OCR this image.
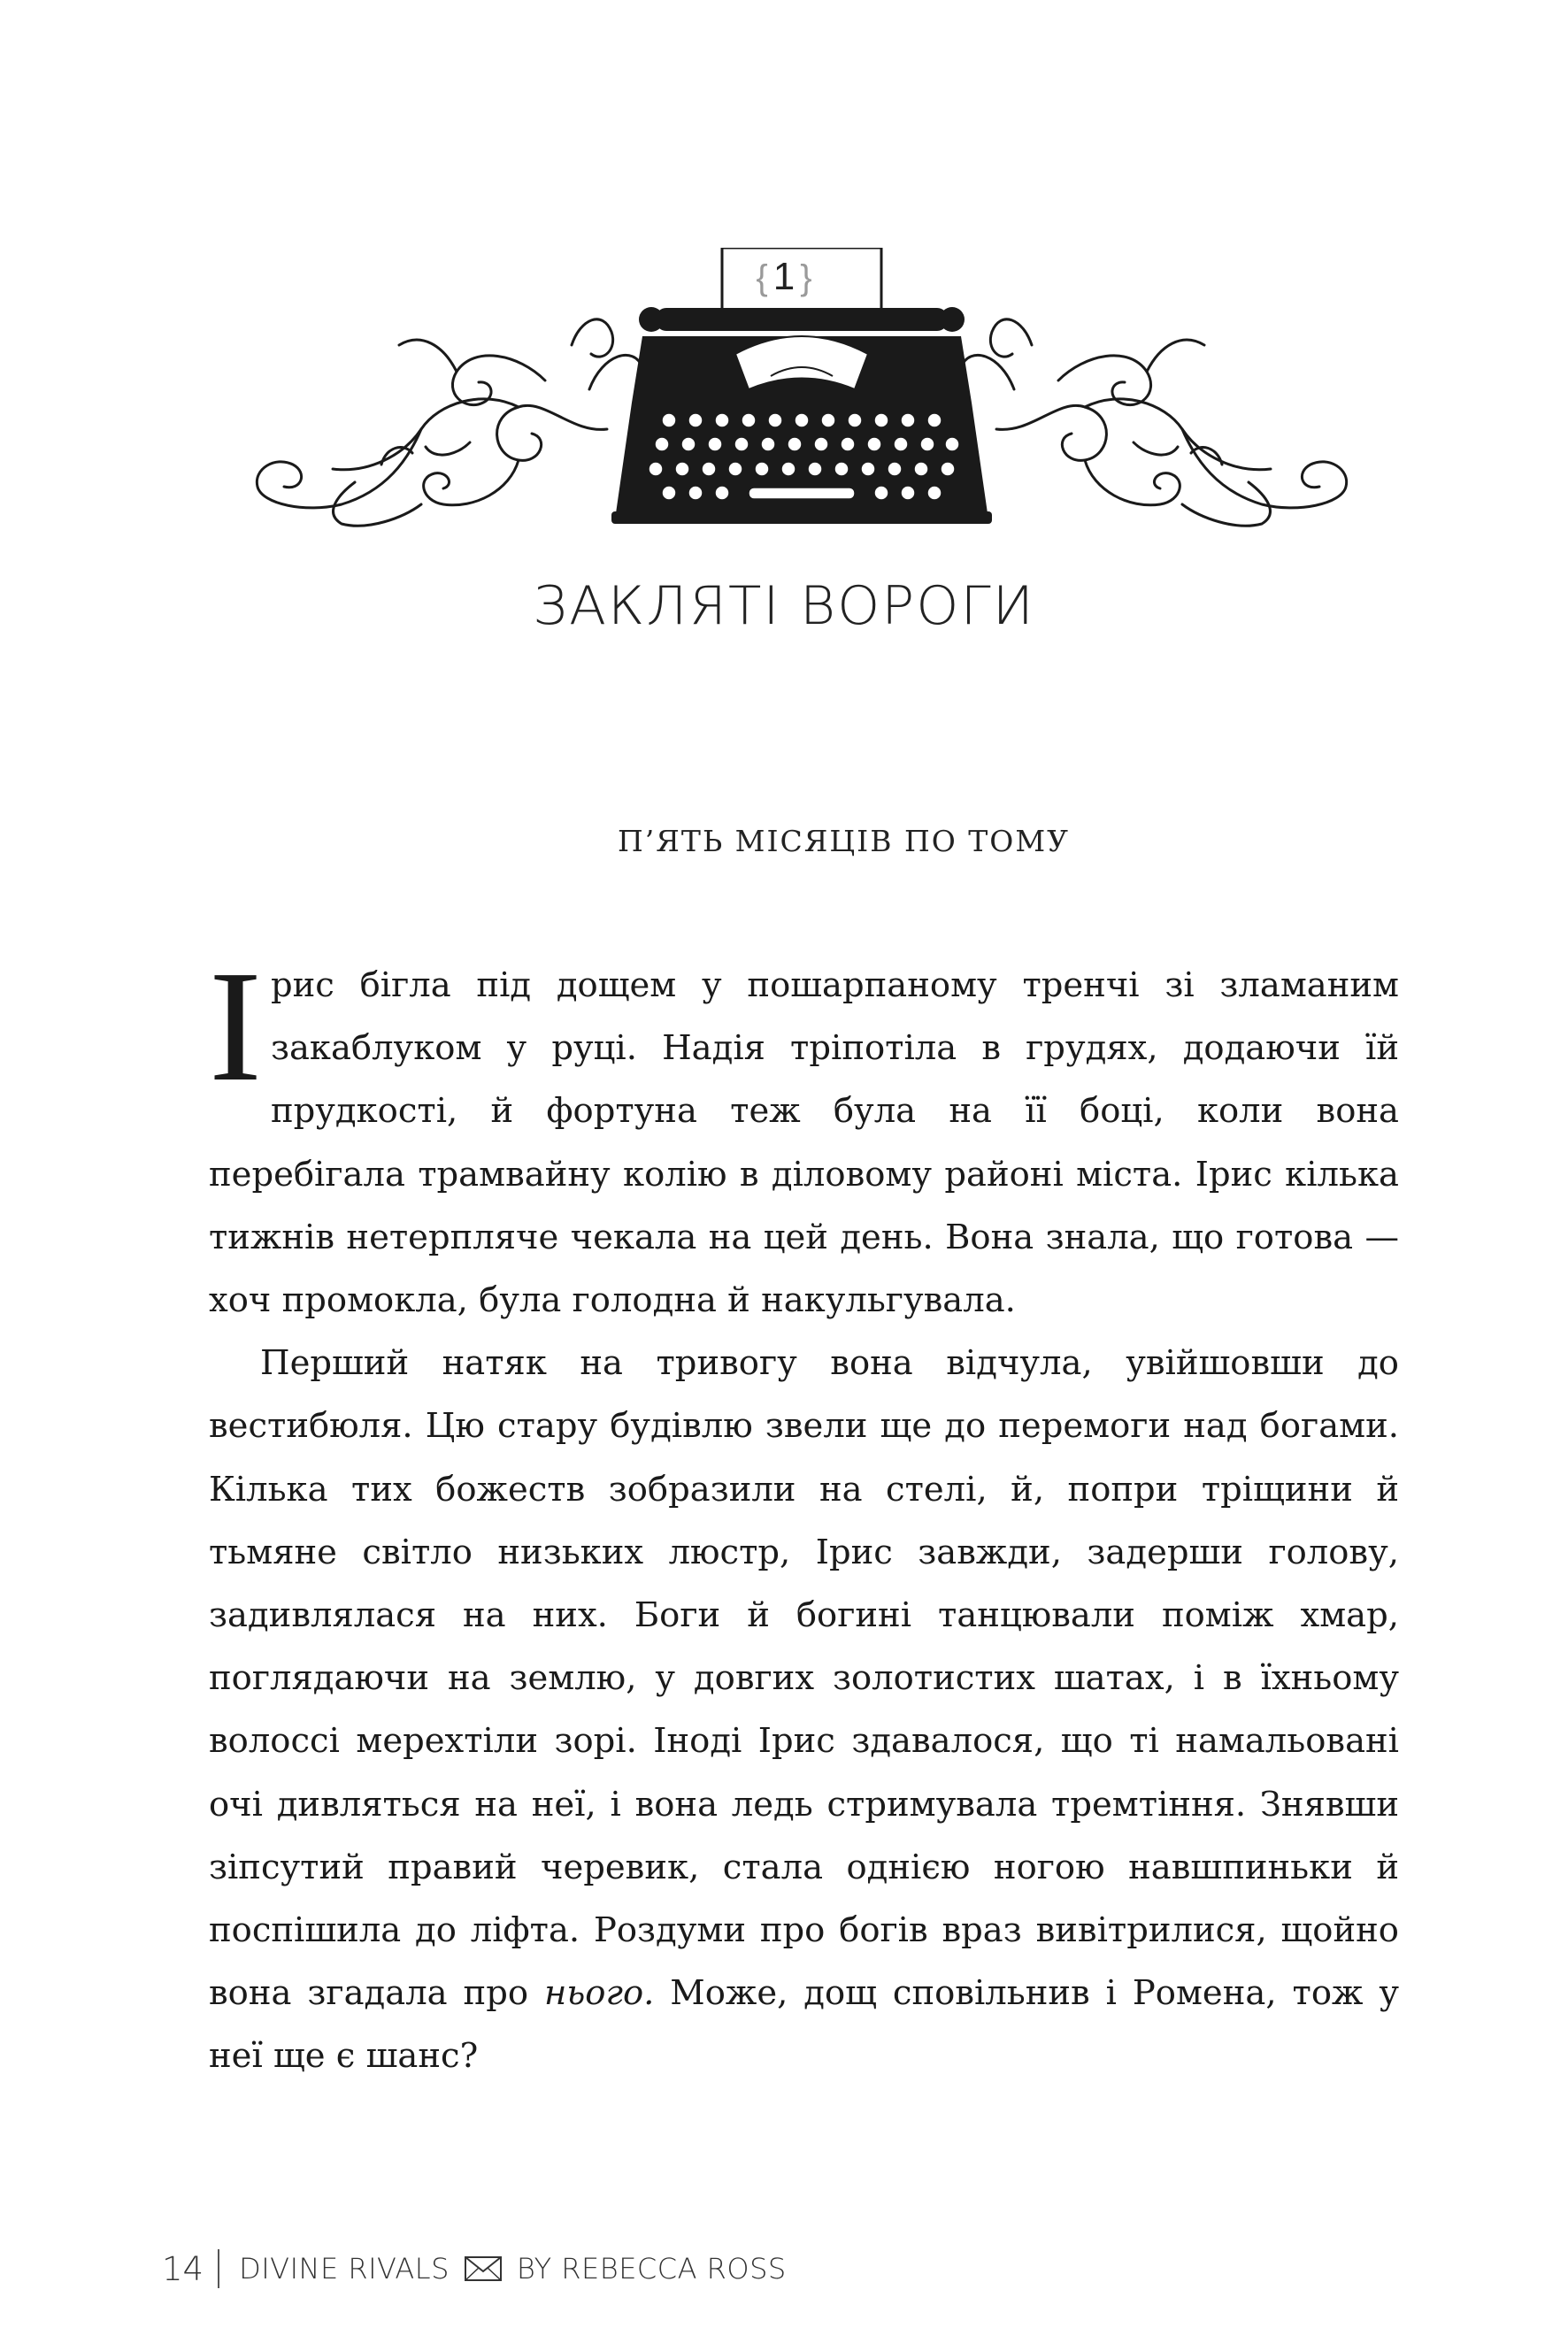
{ 1 }
ЗАКЛЯТІ ВОРОГИ
П’ЯТЬ МІСЯЦІВ ПО ТОМУ

Ірис бігла під дощем у пошарпаному тренчі зі зламаним закаблуком у руці. Надія тріпотіла в грудях, додаючи їй прудкості, й фортуна теж була на її боці, коли вона перебігала трамвайну колію в діловому районі міста. Ірис кілька тижнів нетерпляче чекала на цей день. Вона знала, що готова — хоч промокла, була голодна й накульгувала.

Перший натяк на тривогу вона відчула, увійшовши до вестибюля. Цю стару будівлю звели ще до перемоги над богами. Кілька тих божеств зобразили на стелі, й, попри тріщини й тьмяне світло низьких люстр, Ірис завжди, задерши голову, задивлялася на них. Боги й богині танцювали поміж хмар, поглядаючи на землю, у довгих золотистих шатах, і в їхньому волоссі мерехтіли зорі. Іноді Ірис здавалося, що ті намальовані очі дивляться на неї, і вона ледь стримувала тремтіння. Знявши зіпсутий правий черевик, стала однією ногою навшпиньки й поспішила до ліфта. Роздуми про богів враз вивітрилися, щойно вона згадала про нього. Може, дощ сповільнив і Ромена, тож у неї ще є шанс?

14 DIVINE RIVALS BY REBECCA ROSS
